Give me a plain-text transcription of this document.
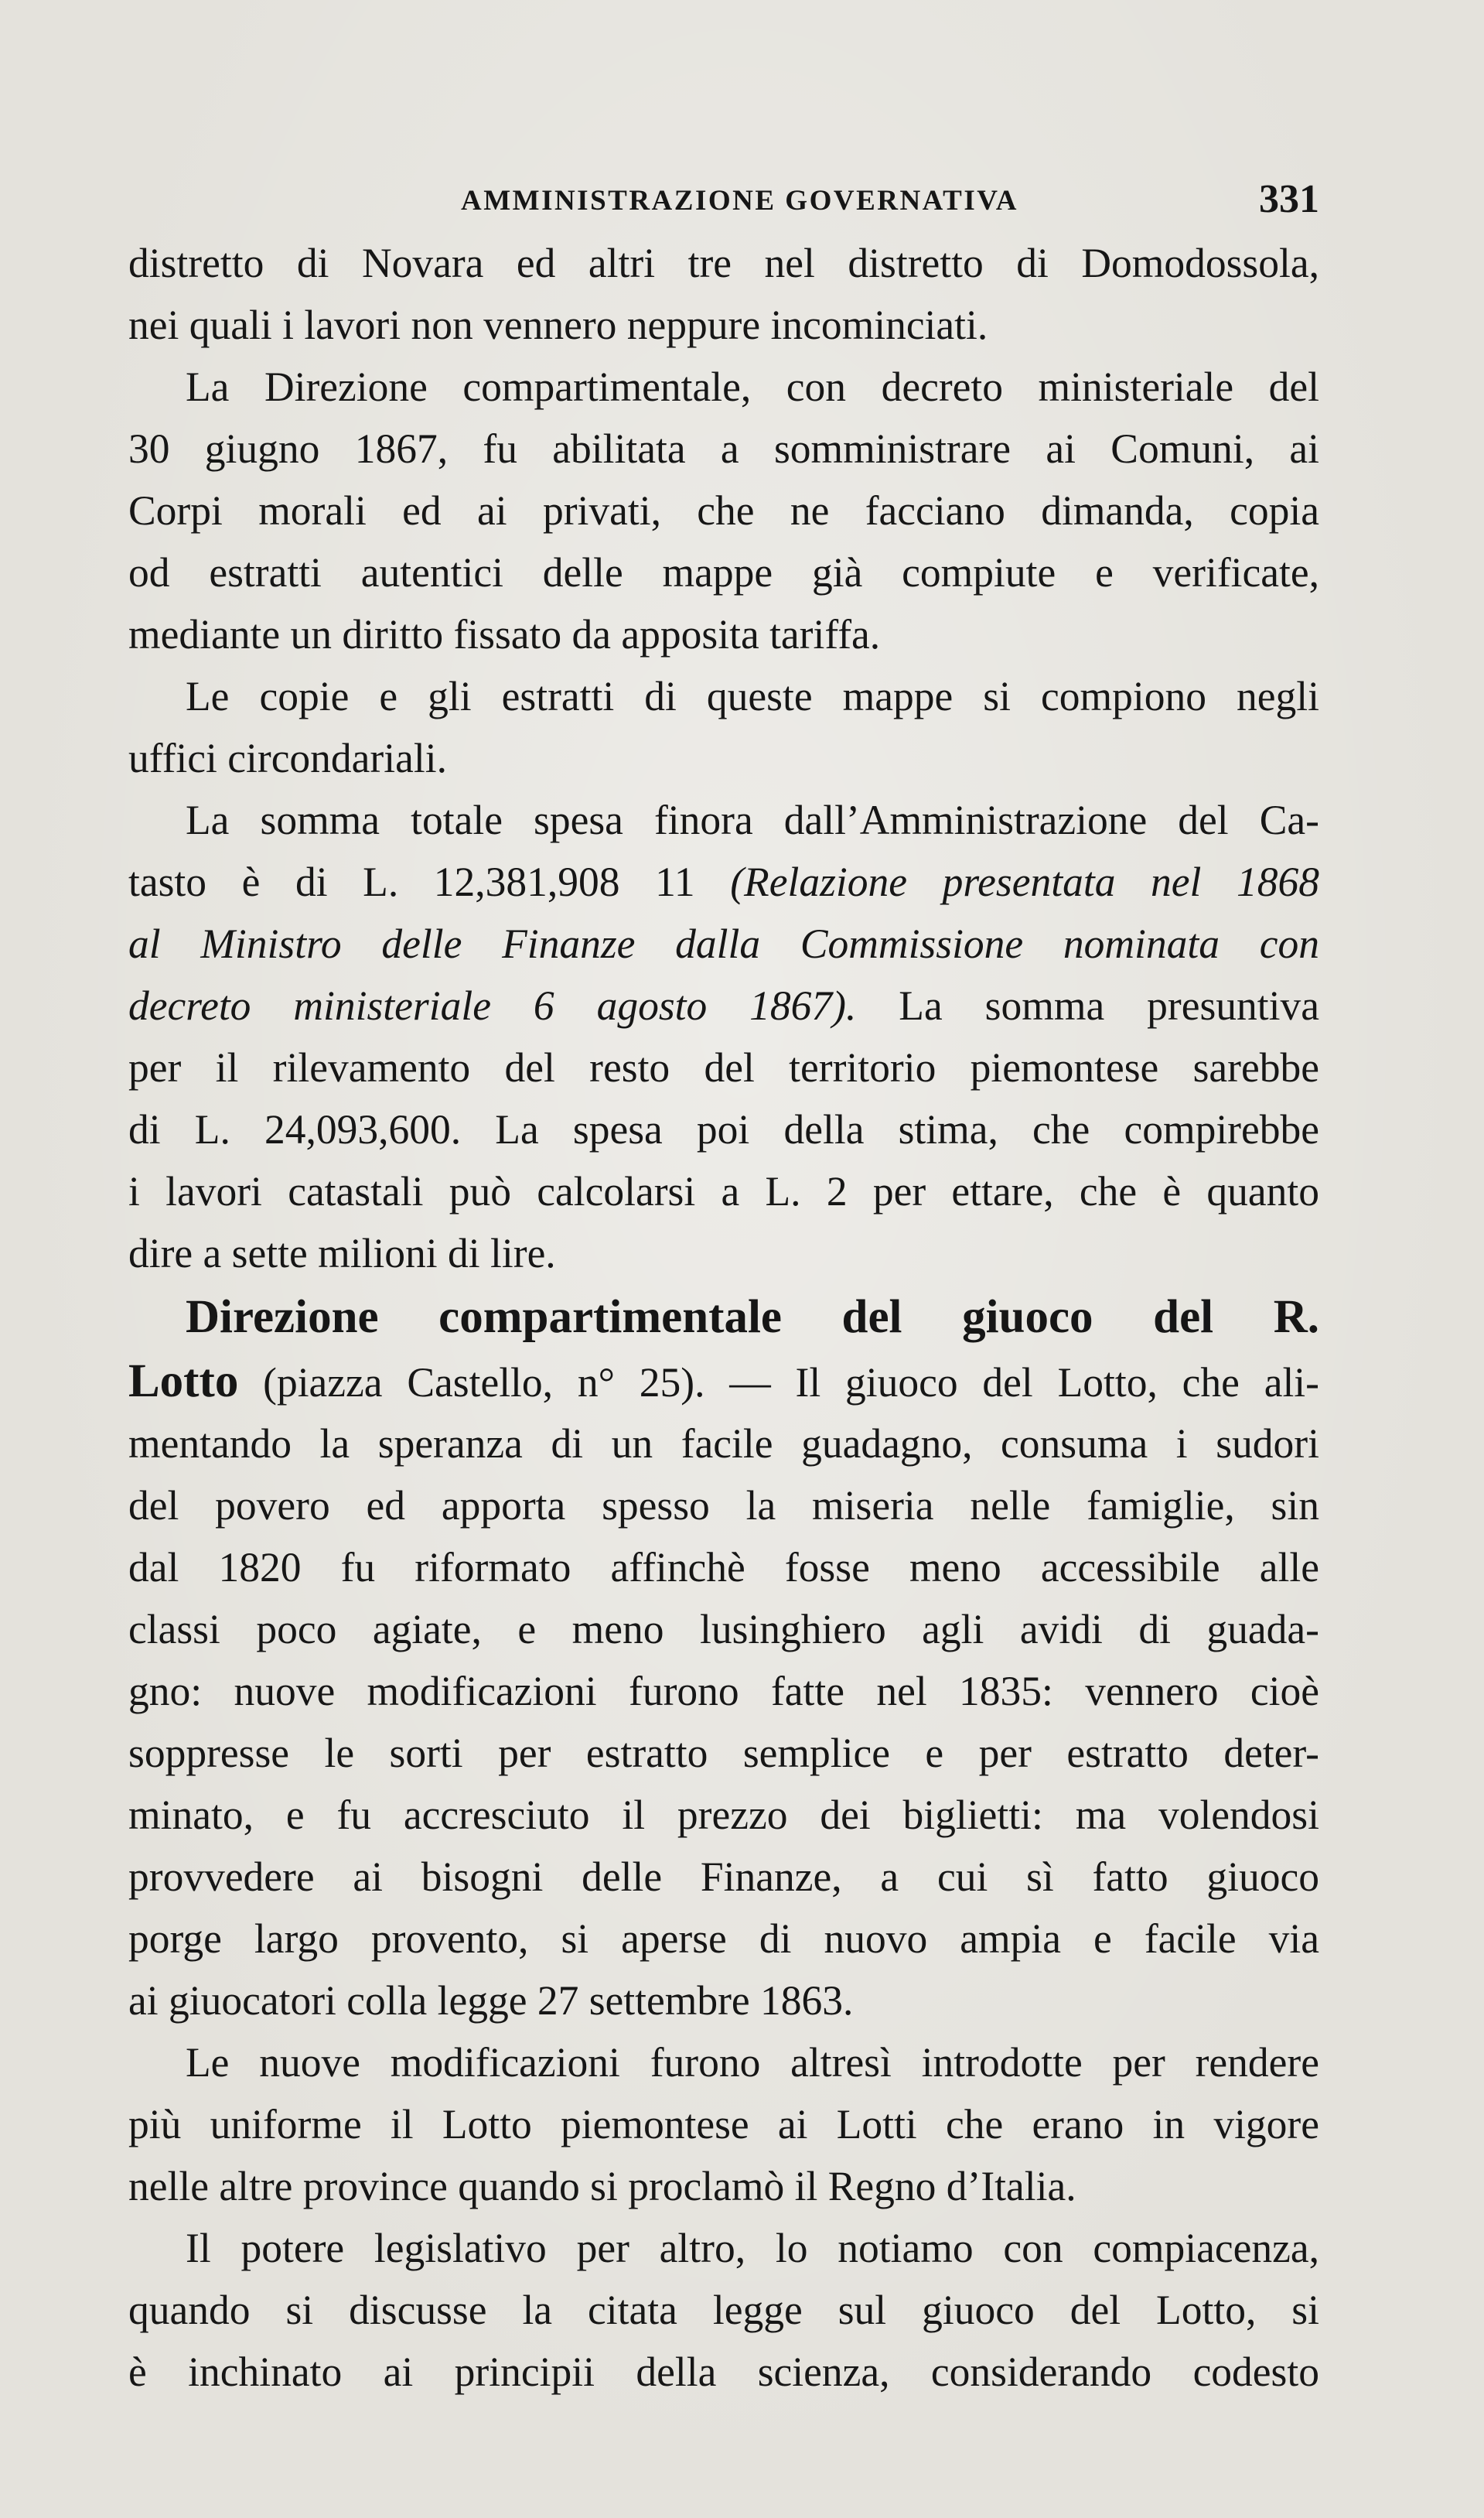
AMMINISTRAZIONE GOVERNATIVA	331
distretto di Novara ed altri tre nel distretto di Domodossola,
nei quali i lavori non vennero neppure incominciati.
La Direzione compartimentale, con decreto ministeriale del
30 giugno 1867, fu abilitata a somministrare ai Comuni, ai
Corpi morali ed ai privati, che ne facciano dimanda, copia
od estratti autentici delle mappe già compiute e verificate,
mediante un diritto fissato da apposita tariffa.
Le copie e gli estratti di queste mappe si compiono negli
uffici circondariali.
La somma totale spesa finora dall’Amministrazione del Ca-
tasto è di L. 12,381,908 11 (Relazione presentata nel 1868
al Ministro delle Finanze dalla Commissione nominata con
decreto ministeriale 6 agosto 1867). La somma presuntiva
per il rilevamento del resto del territorio piemontese sarebbe
di L. 24,093,600. La spesa poi della stima, che compirebbe
i lavori catastali può calcolarsi a L. 2 per ettare, che è quanto
dire a sette milioni di lire.
Direzione compartimentale del giuoco del R.
Lotto (piazza Castello, n° 25). — Il giuoco del Lotto, che ali-
mentando la speranza di un facile guadagno, consuma i sudori
del povero ed apporta spesso la miseria nelle famiglie, sin
dal 1820 fu riformato affinchè fosse meno accessibile alle
classi poco agiate, e meno lusinghiero agli avidi di guada-
gno: nuove modificazioni furono fatte nel 1835: vennero cioè
soppresse le sorti per estratto semplice e per estratto deter-
minato, e fu accresciuto il prezzo dei biglietti: ma volendosi
provvedere ai bisogni delle Finanze, a cui sì fatto giuoco
porge largo provento, si aperse di nuovo ampia e facile via
ai giuocatori colla legge 27 settembre 1863.
Le nuove modificazioni furono altresì introdotte per rendere
più uniforme il Lotto piemontese ai Lotti che erano in vigore
nelle altre province quando si proclamò il Regno d’Italia.
Il potere legislativo per altro, lo notiamo con compiacenza,
quando si discusse la citata legge sul giuoco del Lotto, si
è inchinato ai principii della scienza, considerando codesto
